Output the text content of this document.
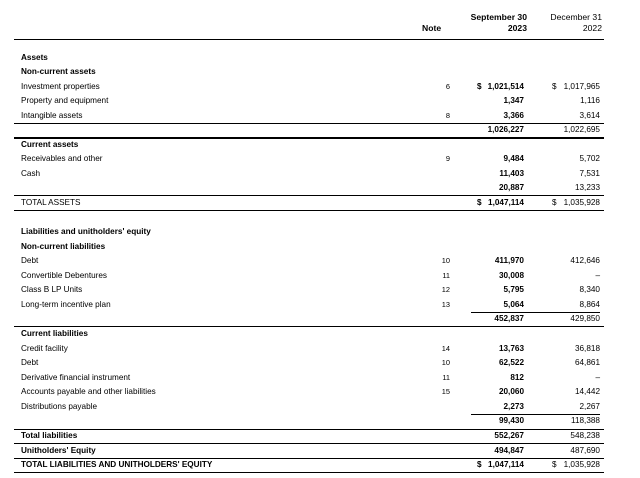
Note
September 30
2023
December 31
2022
Assets
Non-current assets
Investment properties	6	$ 1,021,514	$ 1,017,965
Property and equipment	1,347	1,116
Intangible assets	8	3,366	3,614
1,026,227	1,022,695
Current assets
Receivables and other	9	9,484	5,702
Cash	11,403	7,531
20,887	13,233
TOTAL ASSETS	$ 1,047,114	$ 1,035,928
Liabilities and unitholders' equity
Non-current liabilities
Debt	10	411,970	412,646
Convertible Debentures	11	30,008	–
Class B LP Units	12	5,795	8,340
Long-term incentive plan	13	5,064	8,864
452,837	429,850
Current liabilities
Credit facility	14	13,763	36,818
Debt	10	62,522	64,861
Derivative financial instrument	11	812	–
Accounts payable and other liabilities	15	20,060	14,442
Distributions payable	2,273	2,267
99,430	118,388
Total liabilities	552,267	548,238
Unitholders' Equity	494,847	487,690
TOTAL LIABILITIES AND UNITHOLDERS' EQUITY	$ 1,047,114	$ 1,035,928
